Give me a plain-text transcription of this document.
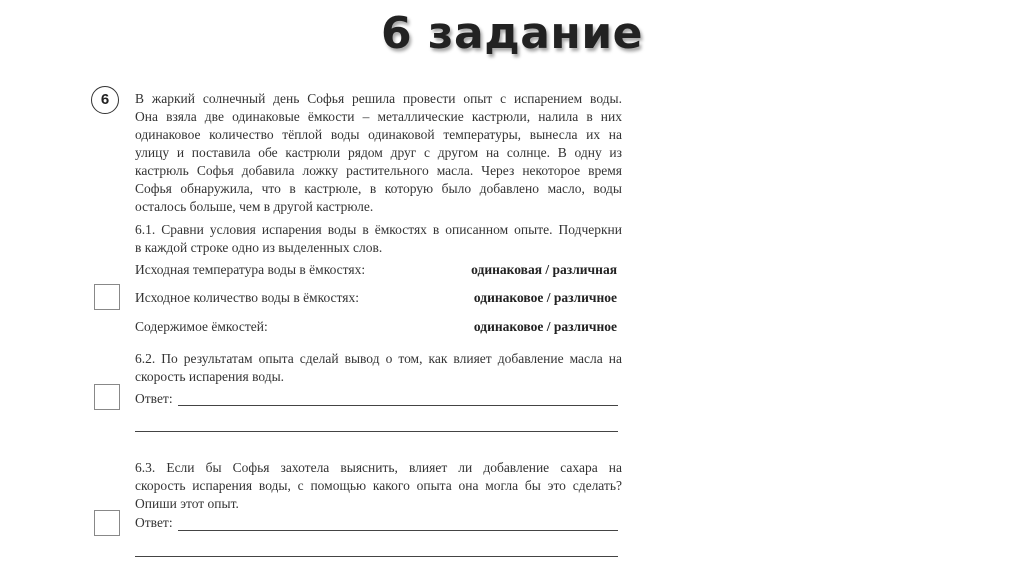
6 задание
6	В жаркий солнечный день Софья решила провести опыт с испарением воды.
Она взяла две одинаковые ёмкости – металлические кастрюли, налила в них
одинаковое количество тёплой воды одинаковой температуры, вынесла их на
улицу и поставила обе кастрюли рядом друг с другом на солнце. В одну из
кастрюль Софья добавила ложку растительного масла. Через некоторое время
Софья обнаружила, что в кастрюле, в которую было добавлено масло, воды
осталось больше, чем в другой кастрюле.
6.1. Сравни условия испарения воды в ёмкостях в описанном опыте. Подчеркни
в каждой строке одно из выделенных слов.
Исходная температура воды в ёмкостях:	одинаковая / различная
Исходное количество воды в ёмкостях:	одинаковое / различное
Содержимое ёмкостей:	одинаковое / различное
6.2. По результатам опыта сделай вывод о том, как влияет добавление масла на
скорость испарения воды.
Ответ:
6.3. Если бы Софья захотела выяснить, влияет ли добавление сахара на
скорость испарения воды, с помощью какого опыта она могла бы это сделать?
Опиши этот опыт.
Ответ:
